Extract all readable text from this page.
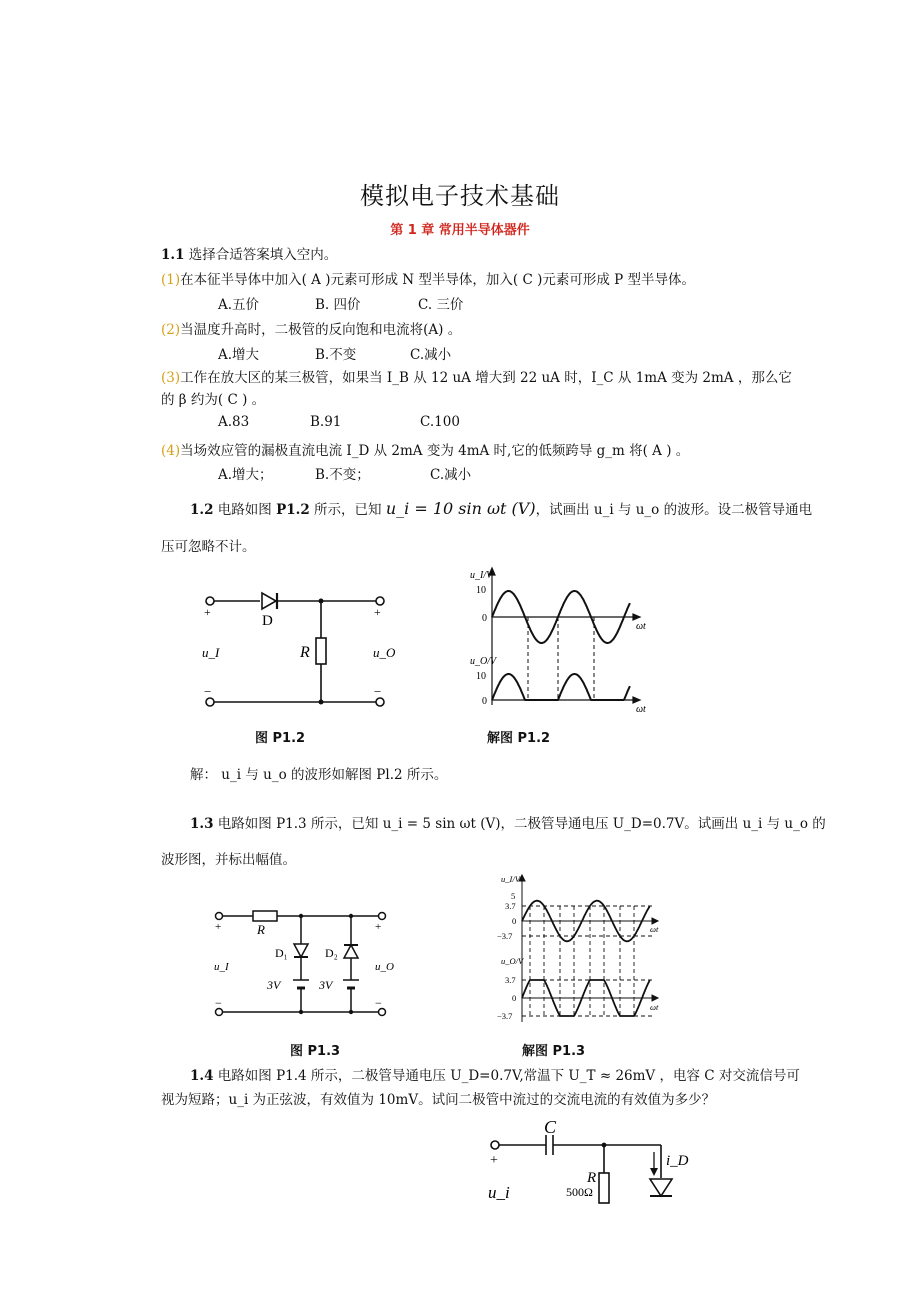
模拟电子技术基础
第 1 章 常用半导体器件
1.1 选择合适答案填入空内。
(1)在本征半导体中加入( A )元素可形成 N 型半导体，加入( C )元素可形成 P 型半导体。
A.五价	B. 四价	C. 三价
(2)当温度升高时，二极管的反向饱和电流将(A) 。
A.增大	B.不变	C.减小
(3)工作在放大区的某三极管，如果当 I_B 从 12 uA 增大到 22 uA 时，I_C 从 1mA 变为 2mA ，那么它
的 β 约为( C ) 。
A.83	B.91	C.100
(4)当场效应管的漏极直流电流 I_D 从 2mA 变为 4mA 时,它的低频跨导 g_m 将( A ) 。
A.增大；	B.不变；	C.减小
1.2 电路如图 P1.2 所示，已知 u_i = 10 sin ωt (V)，试画出 u_i 与 u_o 的波形。设二极管导通电
压可忽略不计。
D
R
u_I	u_O
+	+
−	−
图 P1.2
u_I/V
u_O/V
10
0
10
0
ωt
ωt
解图 P1.2
解： u_i 与 u_o 的波形如解图 Pl.2 所示。
1.3 电路如图 P1.3 所示，已知 u_i = 5 sin ωt (V)，二极管导通电压 U_D=0.7V。试画出 u_i 与 u_o 的
波形图，并标出幅值。
R
D₁	D₂
3V	3V
u_I	u_O
+	+
−	−
图 P1.3
u_I/V
u_O/V
5
3.7
0
−3.7
3.7
0
−3.7
ωt
ωt
解图 P1.3
1.4 电路如图 P1.4 所示，二极管导通电压 U_D=0.7V,常温下 U_T ≈ 26mV ，电容 C 对交流信号可
视为短路；u_i 为正弦波，有效值为 10mV。试问二极管中流过的交流电流的有效值为多少？
C
R
500Ω
i_D
+
u_i
